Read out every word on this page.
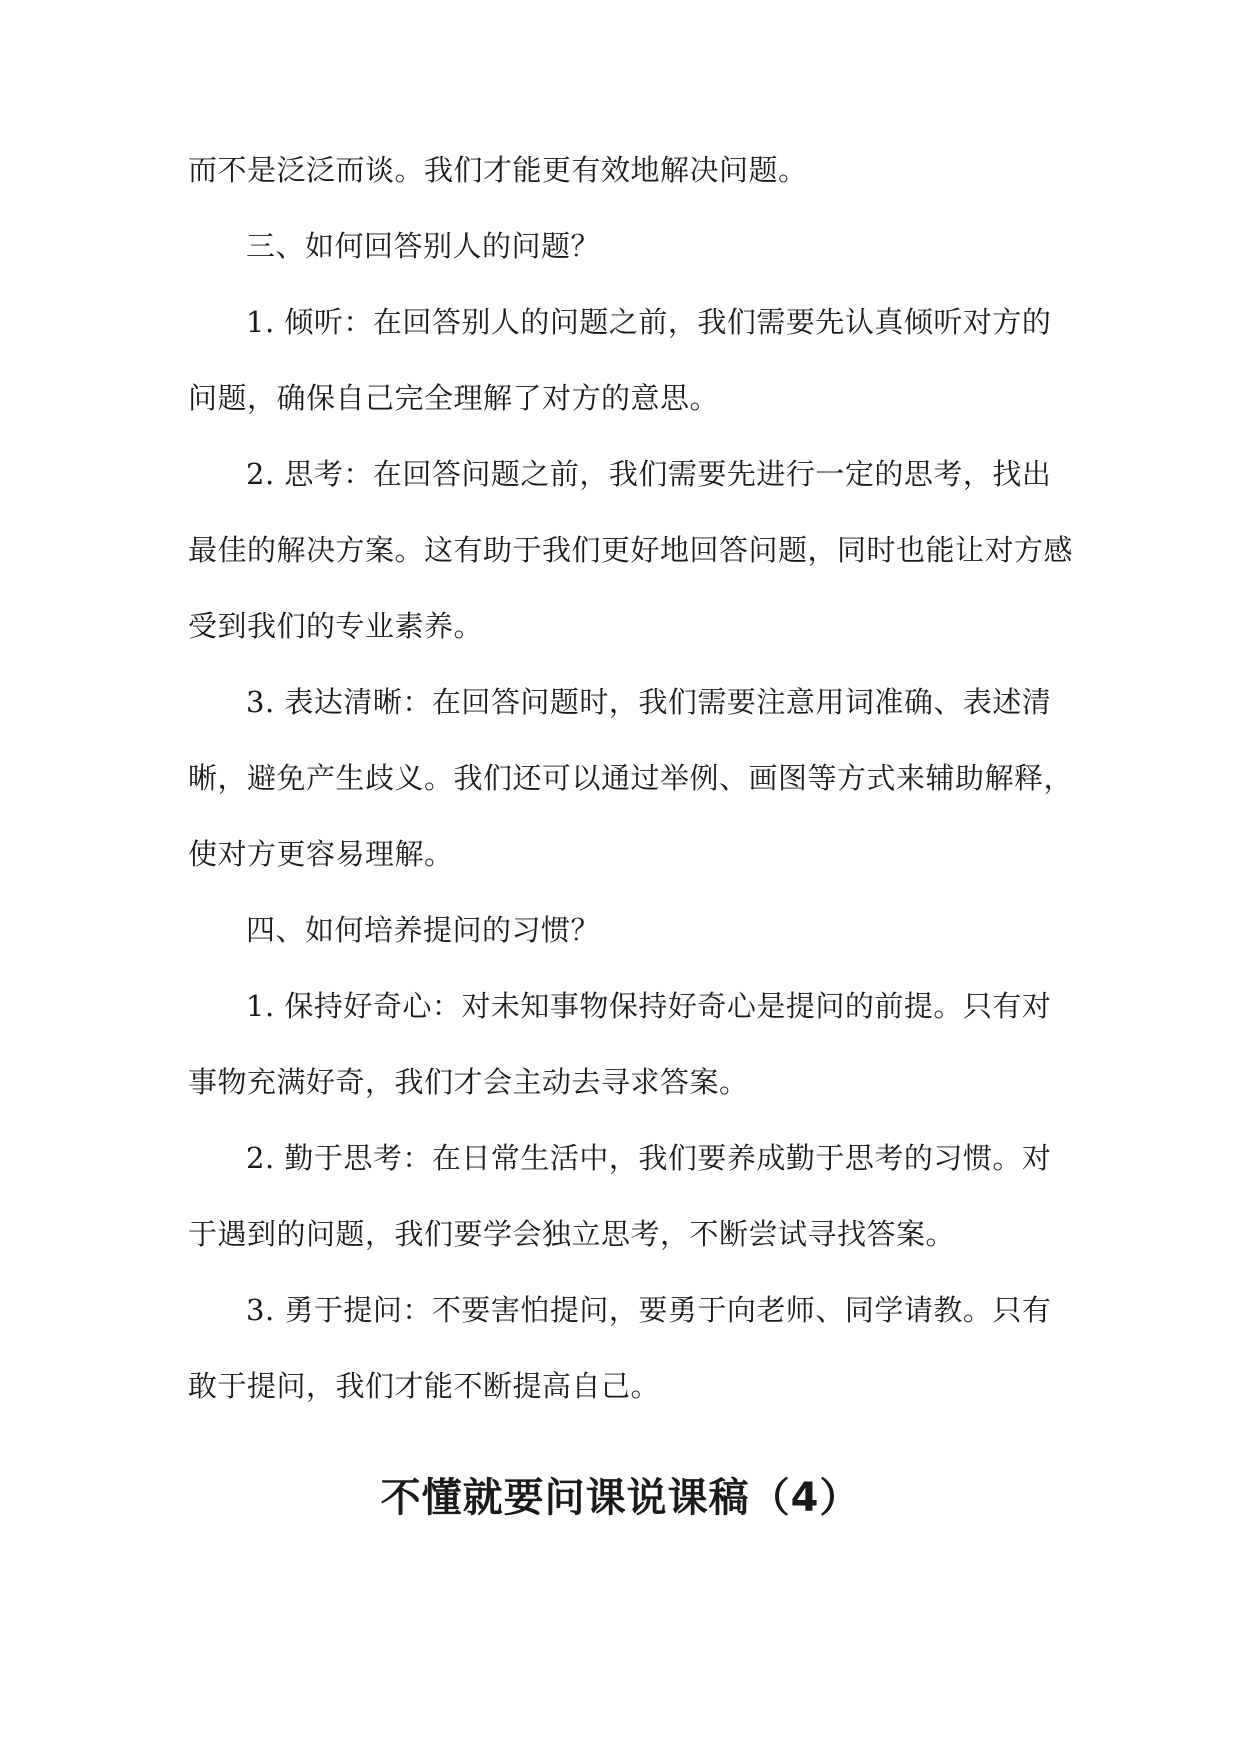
而不是泛泛而谈。我们才能更有效地解决问题。
三、如何回答别人的问题？
1. 倾听：在回答别人的问题之前，我们需要先认真倾听对方的
问题，确保自己完全理解了对方的意思。
2. 思考：在回答问题之前，我们需要先进行一定的思考，找出
最佳的解决方案。这有助于我们更好地回答问题，同时也能让对方感
受到我们的专业素养。
3. 表达清晰：在回答问题时，我们需要注意用词准确、表述清
晰，避免产生歧义。我们还可以通过举例、画图等方式来辅助解释，
使对方更容易理解。
四、如何培养提问的习惯？
1. 保持好奇心：对未知事物保持好奇心是提问的前提。只有对
事物充满好奇，我们才会主动去寻求答案。
2. 勤于思考：在日常生活中，我们要养成勤于思考的习惯。对
于遇到的问题，我们要学会独立思考，不断尝试寻找答案。
3. 勇于提问：不要害怕提问，要勇于向老师、同学请教。只有
敢于提问，我们才能不断提高自己。
不懂就要问课说课稿（4）
